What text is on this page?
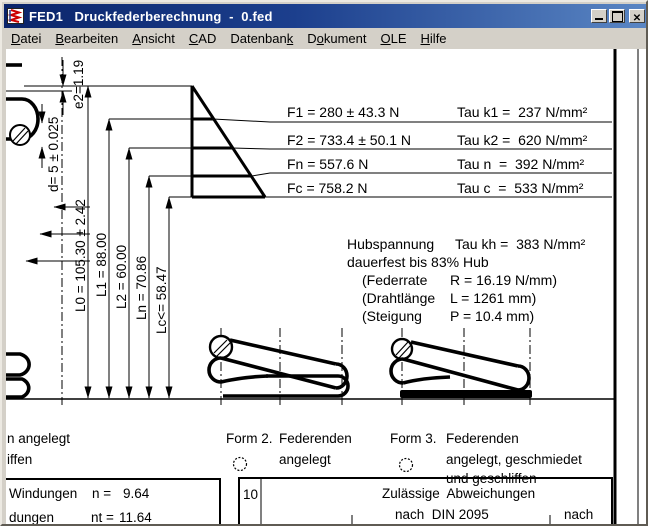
FED1   Druckfederberechnung  -  0.fed
✕
Datei	Bearbeiten	Ansicht	CAD	Datenbank	Dokument	OLE	Hilfe
e2=1.19
d= 5 ± 0.025
L0 = 105.30 ± 2.42 L1 = 88.00 L2 = 60.00 Ln = 70.86 Lc<= 58.47
F1 = 280 ± 43.3 N	Tau k1 =  237 N/mm²
F2 = 733.4 ± 50.1 N	Tau k2 =  620 N/mm²
Fn = 557.6 N	Tau n  =  392 N/mm²
Fc = 758.2 N	Tau c  =  533 N/mm²
Hubspannung Tau kh =  383 N/mm²
dauerfest bis 83% Hub
(Federrate R = 16.19 N/mm)
(Drahtlänge L = 1261 mm)
(Steigung P = 10.4 mm)
n angelegt
iffen
Form 2. Federenden
angelegt
Form 3. Federenden
angelegt, geschmiedet
und geschliffen
Windungen n = 9.64
dungen	nt = 11.64
10	Zulässige  Abweichungen
nach  DIN 2095	nach
